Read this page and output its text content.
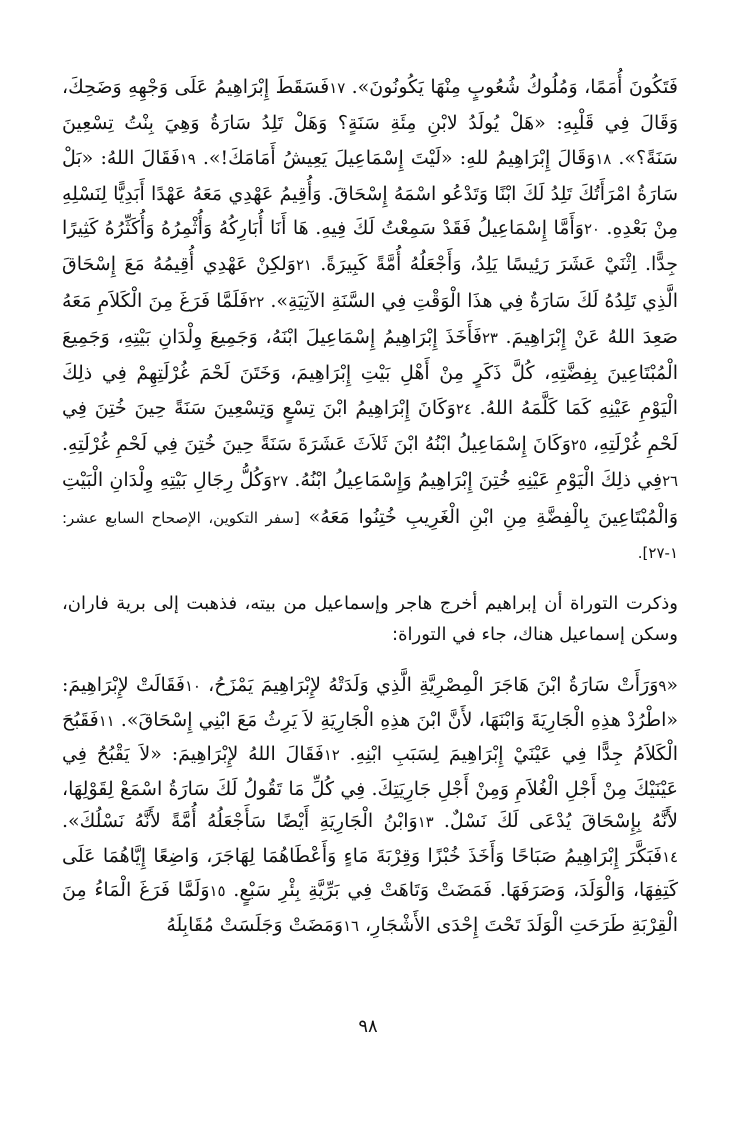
فَتَكُونَ أُمَمًا، وَمُلُوكُ شُعُوبٍ مِنْهَا يَكُونُونَ». ١٧فَسَقَطَ إِبْرَاهِيمُ عَلَى وَجْهِهِ وَضَحِكَ، وَقَالَ فِي قَلْبِهِ: «هَلْ يُولَدُ لابْنِ مِئَةِ سَنَةٍ؟ وَهَلْ تَلِدُ سَارَةُ وَهِيَ بِنْتُ تِسْعِينَ سَنَةً؟». ١٨وَقَالَ إِبْرَاهِيمُ للهِ: «لَيْتَ إِسْمَاعِيلَ يَعِيشُ أَمَامَكَ!». ١٩فَقَالَ اللهُ: «بَلْ سَارَةُ امْرَأَتُكَ تَلِدُ لَكَ ابْنًا وَتَدْعُو اسْمَهُ إِسْحَاقَ. وَأُقِيمُ عَهْدِي مَعَهُ عَهْدًا أَبَدِيًّا لِنَسْلِهِ مِنْ بَعْدِهِ. ٢٠وَأَمَّا إِسْمَاعِيلُ فَقَدْ سَمِعْتُ لَكَ فِيهِ. هَا أَنَا أُبَارِكُهُ وَأُثْمِرُهُ وَأُكَثِّرُهُ كَثِيرًا جِدًّا. اِثْنَيْ عَشَرَ رَئِيسًا يَلِدُ، وَأَجْعَلُهُ أُمَّةً كَبِيرَةً. ٢١وَلكِنْ عَهْدِي أُقِيمُهُ مَعَ إِسْحَاقَ الَّذِي تَلِدُهُ لَكَ سَارَةُ فِي هذَا الْوَقْتِ فِي السَّنَةِ الآتِيَةِ». ٢٢فَلَمَّا فَرَغَ مِنَ الْكَلاَمِ مَعَهُ صَعِدَ اللهُ عَنْ إِبْرَاهِيمَ. ٢٣فَأَخَذَ إِبْرَاهِيمُ إِسْمَاعِيلَ ابْنَهُ، وَجَمِيعَ وِلْدَانِ بَيْتِهِ، وَجَمِيعَ الْمُبْتَاعِينَ بِفِضَّتِهِ، كُلَّ ذَكَرٍ مِنْ أَهْلِ بَيْتِ إِبْرَاهِيمَ، وَخَتَنَ لَحْمَ غُرْلَتِهِمْ فِي ذلِكَ الْيَوْمِ عَيْنِهِ كَمَا كَلَّمَهُ اللهُ. ٢٤وَكَانَ إِبْرَاهِيمُ ابْنَ تِسْعٍ وَتِسْعِينَ سَنَةً حِينَ خُتِنَ فِي لَحْمِ غُرْلَتِهِ، ٢٥وَكَانَ إِسْمَاعِيلُ ابْنُهُ ابْنَ ثَلاَثَ عَشَرَةَ سَنَةً حِينَ خُتِنَ فِي لَحْمِ غُرْلَتِهِ. ٢٦فِي ذلِكَ الْيَوْمِ عَيْنِهِ خُتِنَ إِبْرَاهِيمُ وَإِسْمَاعِيلُ ابْنُهُ. ٢٧وَكُلُّ رِجَالِ بَيْتِهِ وِلْدَانِ الْبَيْتِ وَالْمُبْتَاعِينَ بِالْفِضَّةِ مِنِ ابْنِ الْغَرِيبِ خُتِنُوا مَعَهُ» [سفر التكوين، الإصحاح السابع عشر: ١-٢٧].
وذكرت التوراة أن إبراهيم أخرج هاجر وإسماعيل من بيته، فذهبت إلى برية فاران، وسكن إسماعيل هناك، جاء في التوراة:
«٩وَرَأَتْ سَارَةُ ابْنَ هَاجَرَ الْمِصْرِيَّةِ الَّذِي وَلَدَتْهُ لإِبْرَاهِيمَ يَمْزَحُ، ١٠فَقَالَتْ لإِبْرَاهِيمَ: «اطْرُدْ هذِهِ الْجَارِيَةَ وَابْنَهَا، لأَنَّ ابْنَ هذِهِ الْجَارِيَةِ لاَ يَرِثُ مَعَ ابْنِي إِسْحَاقَ». ١١فَقَبُحَ الْكَلاَمُ جِدًّا فِي عَيْنَيْ إِبْرَاهِيمَ لِسَبَبِ ابْنِهِ. ١٢فَقَالَ اللهُ لإِبْرَاهِيمَ: «لاَ يَقْبُحُ فِي عَيْنَيْكَ مِنْ أَجْلِ الْغُلاَمِ وَمِنْ أَجْلِ جَارِيَتِكَ. فِي كُلِّ مَا تَقُولُ لَكَ سَارَةُ اسْمَعْ لِقَوْلِهَا، لأَنَّهُ بِإِسْحَاقَ يُدْعَى لَكَ نَسْلٌ. ١٣وَابْنُ الْجَارِيَةِ أَيْضًا سَأَجْعَلُهُ أُمَّةً لأَنَّهُ نَسْلُكَ». ١٤فَبَكَّرَ إِبْرَاهِيمُ صَبَاحًا وَأَخَذَ خُبْزًا وَقِرْبَةَ مَاءٍ وَأَعْطَاهُمَا لِهَاجَرَ، وَاضِعًا إِيَّاهُمَا عَلَى كَتِفِهَا، وَالْوَلَدَ، وَصَرَفَهَا. فَمَضَتْ وَتَاهَتْ فِي بَرِّيَّةِ بِئْرِ سَبْعٍ. ١٥وَلَمَّا فَرَغَ الْمَاءُ مِنَ الْقِرْبَةِ طَرَحَتِ الْوَلَدَ تَحْتَ إِحْدَى الأَشْجَارِ، ١٦وَمَضَتْ وَجَلَسَتْ مُقَابِلَهُ
٩٨
